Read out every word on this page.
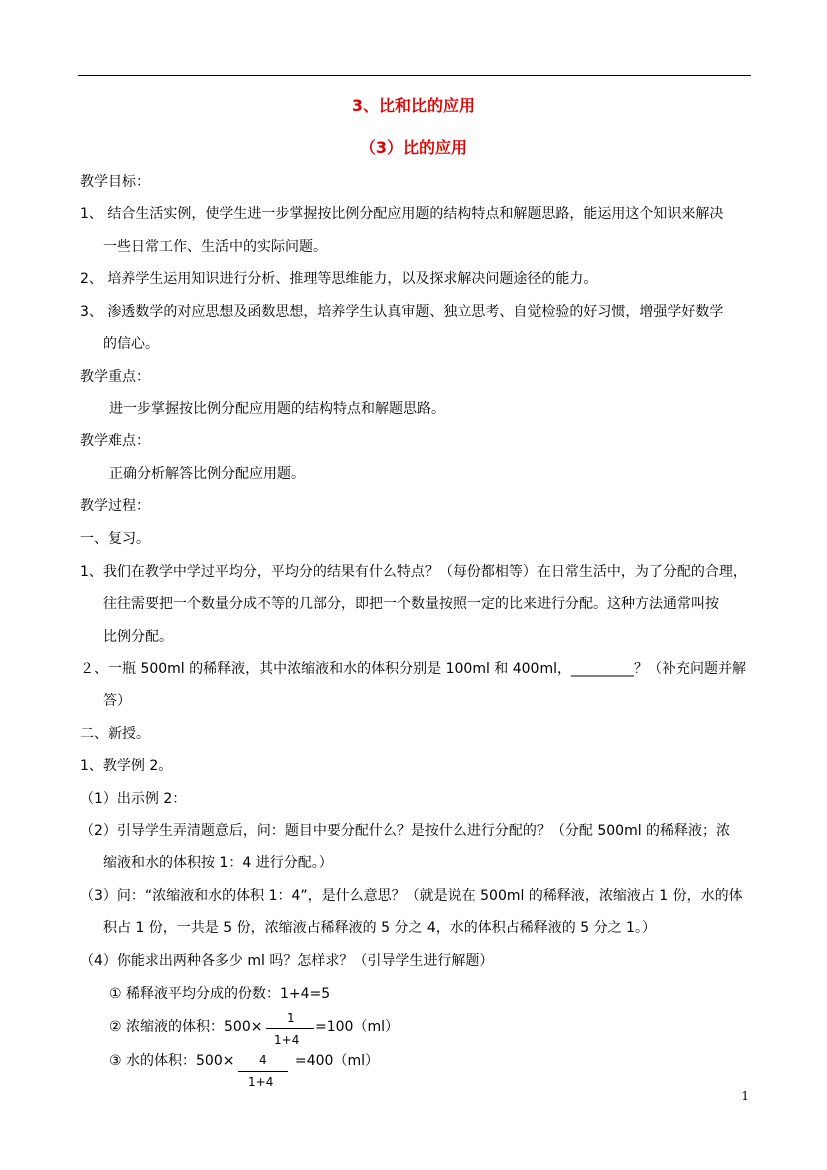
3、比和比的应用
（3）比的应用
教学目标：
1、 结合生活实例，使学生进一步掌握按比例分配应用题的结构特点和解题思路，能运用这个知识来解决
一些日常工作、生活中的实际问题。
2、 培养学生运用知识进行分析、推理等思维能力，以及探求解决问题途径的能力。
3、 渗透数学的对应思想及函数思想，培养学生认真审题、独立思考、自觉检验的好习惯，增强学好数学
的信心。
教学重点：
进一步掌握按比例分配应用题的结构特点和解题思路。
教学难点：
正确分析解答比例分配应用题。
教学过程：
一、复习。
1、我们在教学中学过平均分，平均分的结果有什么特点？（每份都相等）在日常生活中，为了分配的合理，
往往需要把一个数量分成不等的几部分，即把一个数量按照一定的比来进行分配。这种方法通常叫按
比例分配。
２、一瓶 500ml 的稀释液，其中浓缩液和水的体积分别是 100ml 和 400ml，_________？（补充问题并解
答）
二、新授。
1、教学例 2。
（1）出示例 2：
（2）引导学生弄清题意后，问：题目中要分配什么？是按什么进行分配的？（分配 500ml 的稀释液；浓
缩液和水的体积按 1：4 进行分配。）
（3）问：“浓缩液和水的体积 1：4”，是什么意思？（就是说在 500ml 的稀释液，浓缩液占 1 份，水的体
积占 1 份，一共是 5 份，浓缩液占稀释液的 5 分之 4，水的体积占稀释液的 5 分之 1。）
（4）你能求出两种各多少 ml 吗？怎样求？（引导学生进行解题）
① 稀释液平均分成的份数：1+4=5
② 浓缩液的体积：500×
1
1+4
=100（ml）
③ 水的体积：500× 4
1+4
=400（ml）
1
